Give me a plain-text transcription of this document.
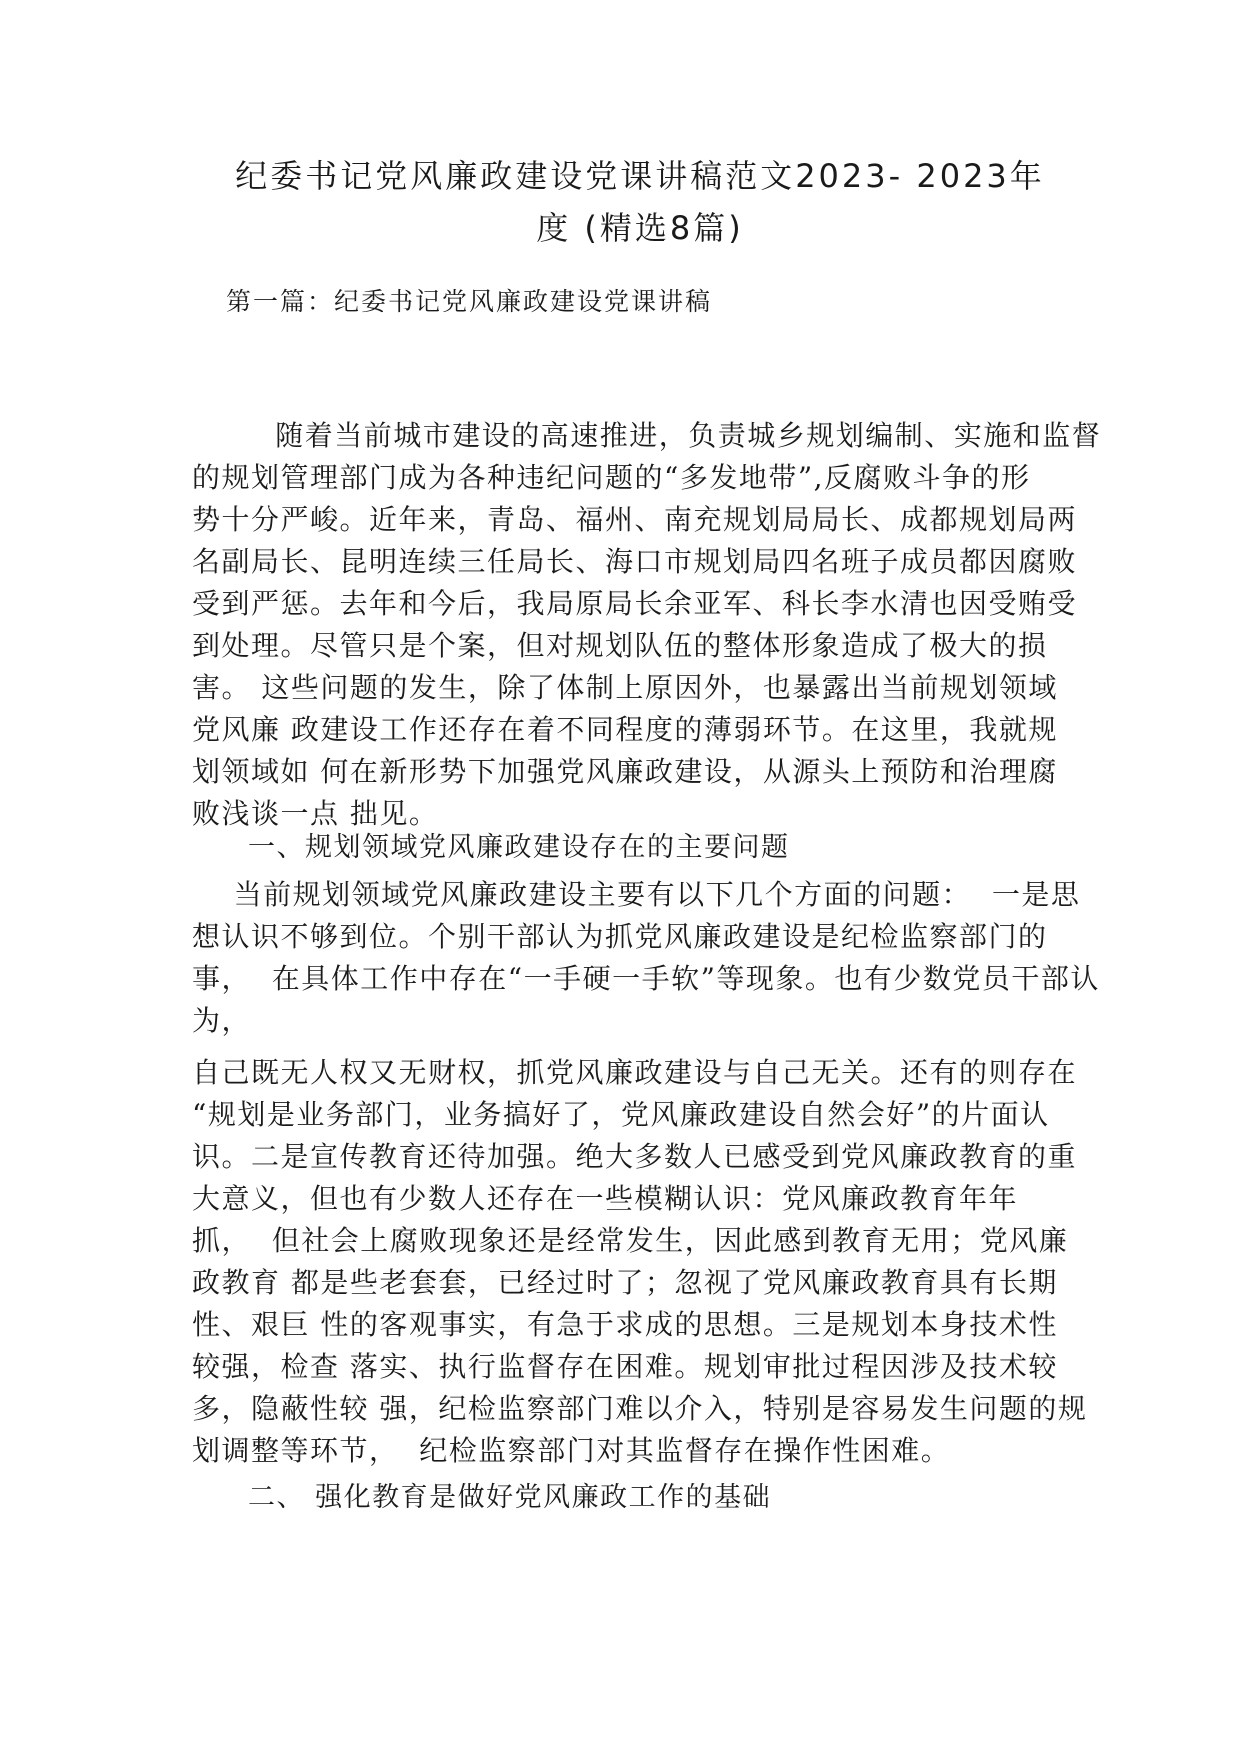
纪委书记党风廉政建设党课讲稿范文2023- 2023年
度 (精选8篇)
第一篇：纪委书记党风廉政建设党课讲稿
随着当前城市建设的高速推进，负责城乡规划编制、实施和监督
的规划管理部门成为各种违纪问题的“多发地带”,反腐败斗争的形
势十分严峻。近年来，青岛、福州、南充规划局局长、成都规划局两
名副局长、昆明连续三任局长、海口市规划局四名班子成员都因腐败
受到严惩。去年和今后，我局原局长余亚军、科长李水清也因受贿受
到处理。尽管只是个案，但对规划队伍的整体形象造成了极大的损
害。 这些问题的发生，除了体制上原因外，也暴露出当前规划领域
党风廉 政建设工作还存在着不同程度的薄弱环节。在这里，我就规
划领域如 何在新形势下加强党风廉政建设，从源头上预防和治理腐
败浅谈一点 拙见。
一、规划领域党风廉政建设存在的主要问题
当前规划领域党风廉政建设主要有以下几个方面的问题：  一是思
想认识不够到位。个别干部认为抓党风廉政建设是纪检监察部门的
事，  在具体工作中存在“一手硬一手软”等现象。也有少数党员干部认
为，
自己既无人权又无财权，抓党风廉政建设与自己无关。还有的则存在
“规划是业务部门，业务搞好了，党风廉政建设自然会好”的片面认
识。二是宣传教育还待加强。绝大多数人已感受到党风廉政教育的重
大意义，但也有少数人还存在一些模糊认识：党风廉政教育年年
抓，  但社会上腐败现象还是经常发生，因此感到教育无用；党风廉
政教育 都是些老套套，已经过时了；忽视了党风廉政教育具有长期
性、艰巨 性的客观事实，有急于求成的思想。三是规划本身技术性
较强，检查 落实、执行监督存在困难。规划审批过程因涉及技术较
多，隐蔽性较 强，纪检监察部门难以介入，特别是容易发生问题的规
划调整等环节，  纪检监察部门对其监督存在操作性困难。
二、 强化教育是做好党风廉政工作的基础
